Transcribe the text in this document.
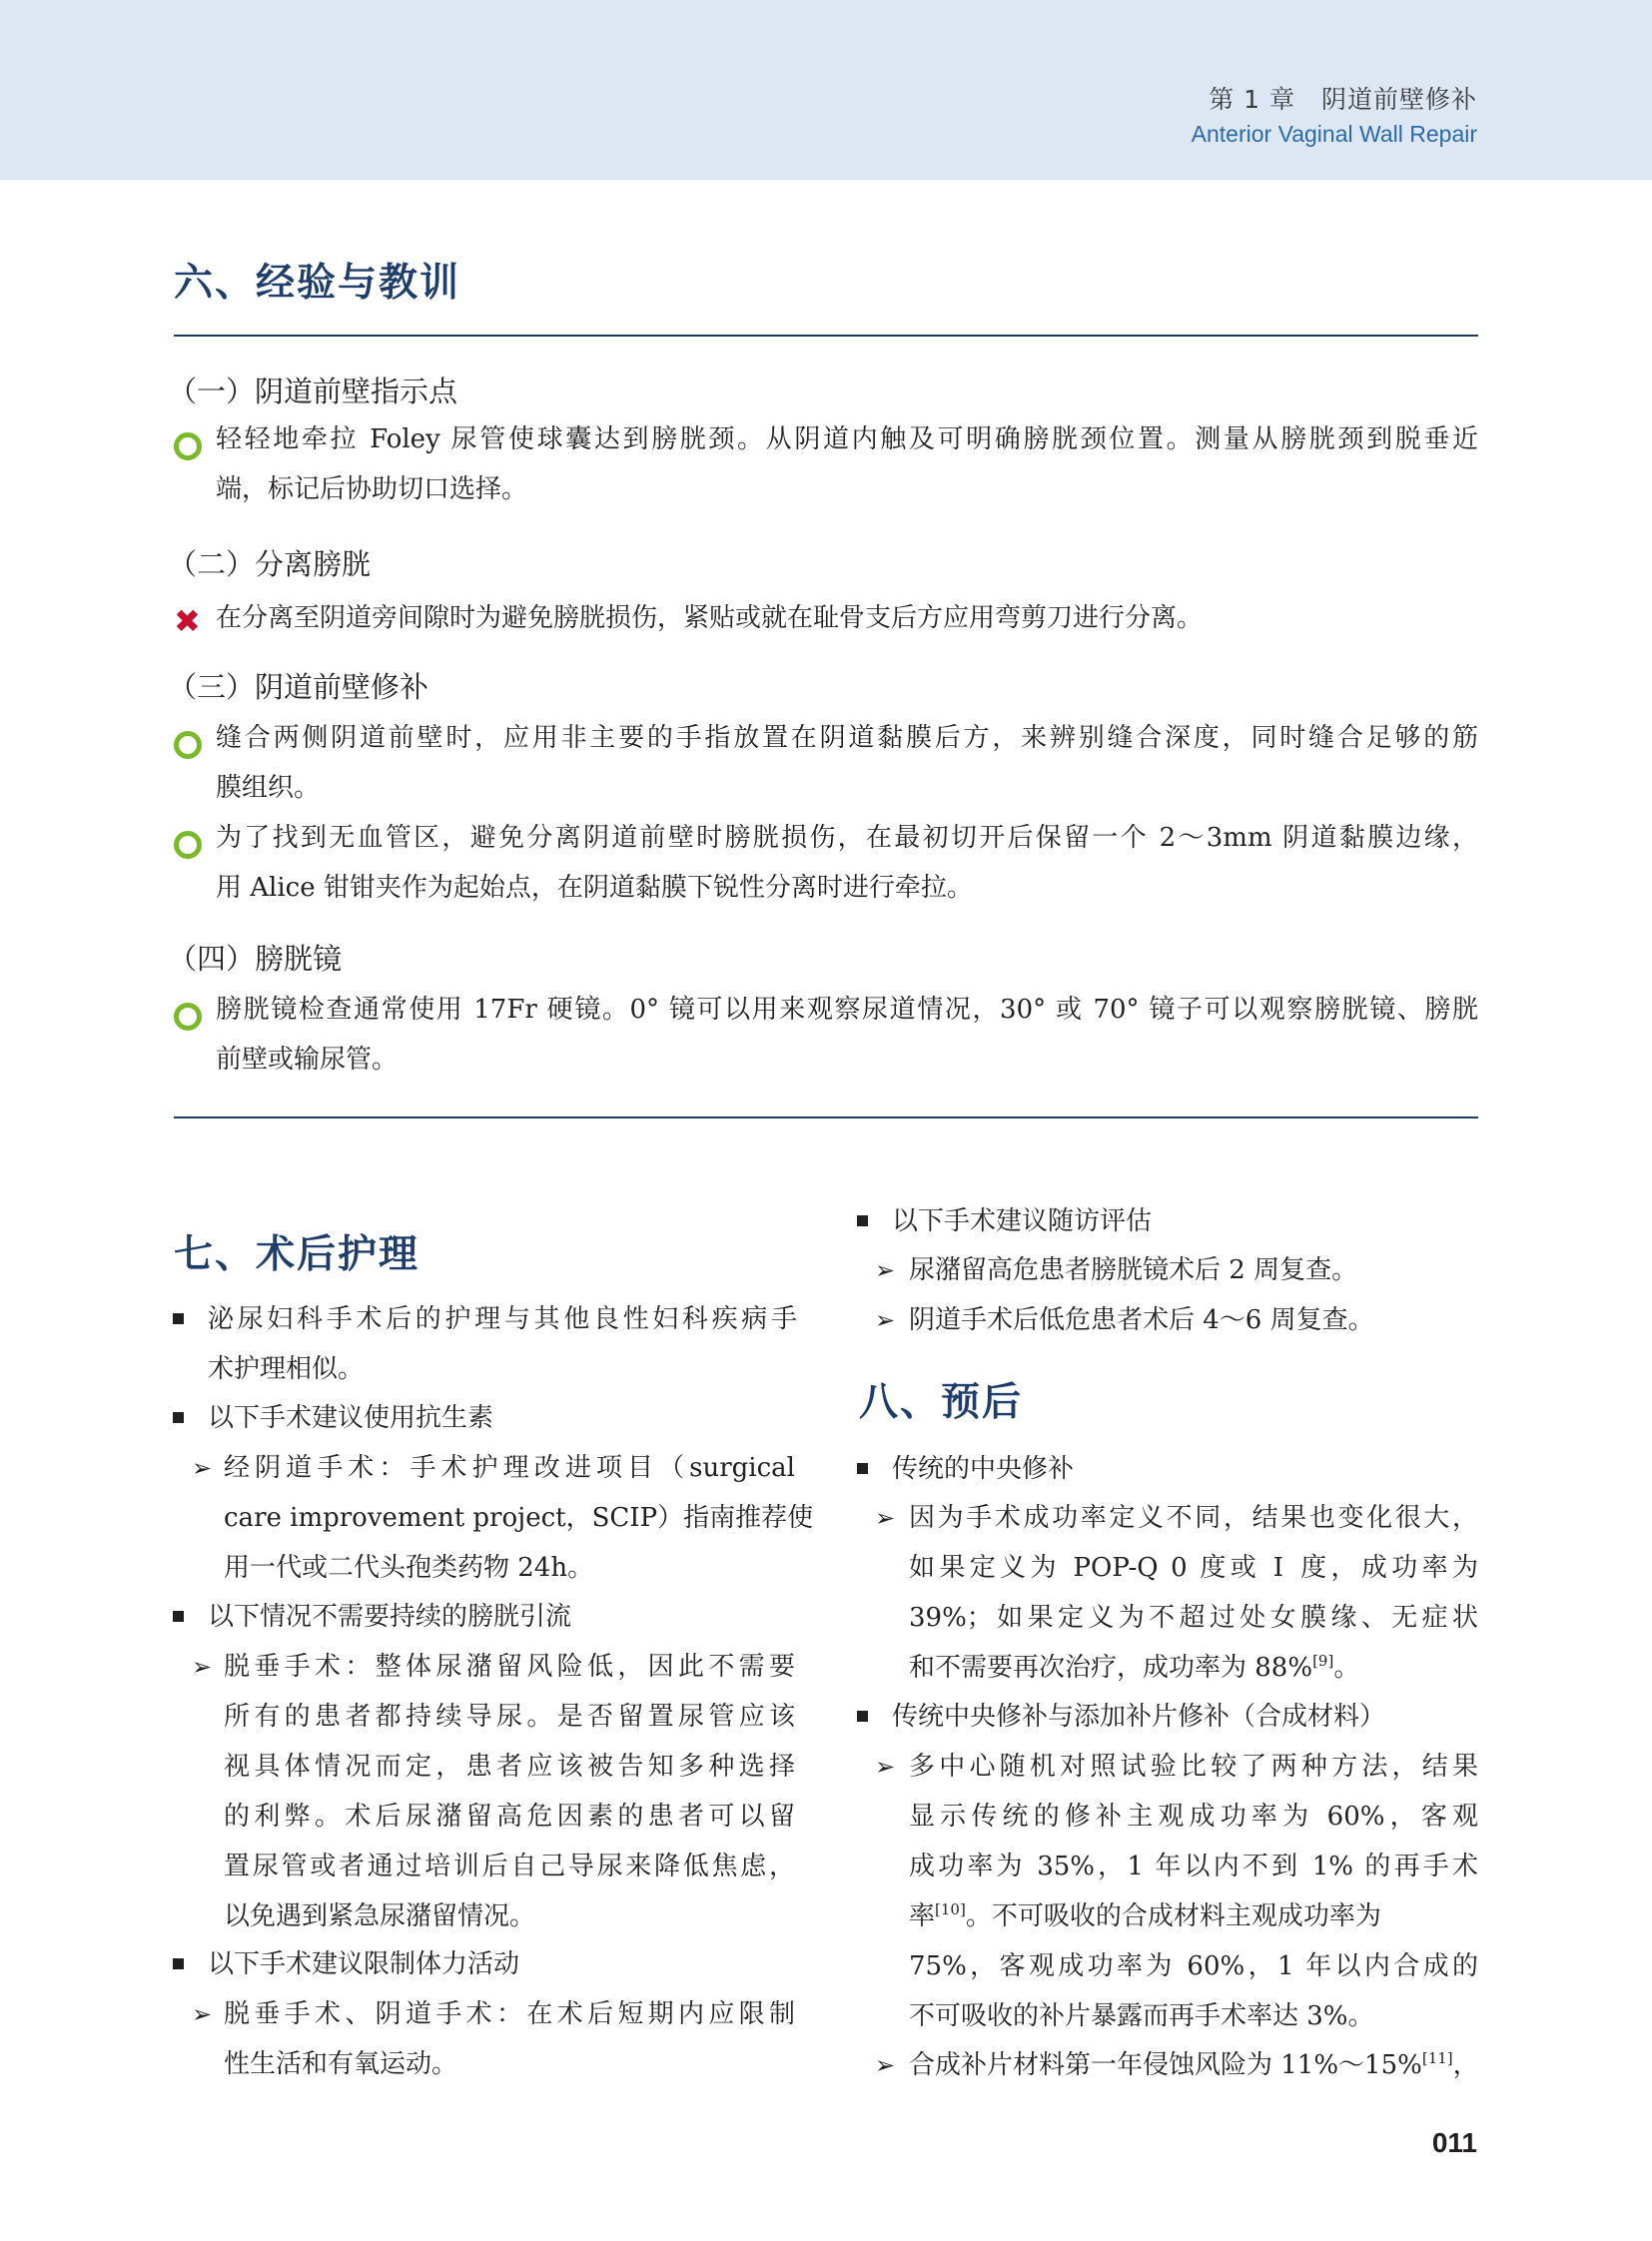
第 1 章　阴道前壁修补
Anterior Vaginal Wall Repair
六、经验与教训
（一）阴道前壁指示点
轻轻地牵拉 Foley 尿管使球囊达到膀胱颈。从阴道内触及可明确膀胱颈位置。测量从膀胱颈到脱垂近
端，标记后协助切口选择。
（二）分离膀胱
✖ 在分离至阴道旁间隙时为避免膀胱损伤，紧贴或就在耻骨支后方应用弯剪刀进行分离。
（三）阴道前壁修补
缝合两侧阴道前壁时，应用非主要的手指放置在阴道黏膜后方，来辨别缝合深度，同时缝合足够的筋
膜组织。
为了找到无血管区，避免分离阴道前壁时膀胱损伤，在最初切开后保留一个 2～3mm 阴道黏膜边缘，
用 Alice 钳钳夹作为起始点，在阴道黏膜下锐性分离时进行牵拉。
（四）膀胱镜
膀胱镜检查通常使用 17Fr 硬镜。0° 镜可以用来观察尿道情况，30° 或 70° 镜子可以观察膀胱镜、膀胱
前壁或输尿管。
七、术后护理
泌尿妇科手术后的护理与其他良性妇科疾病手
术护理相似。
以下手术建议使用抗生素
➢ 经阴道手术：手术护理改进项目（surgical
care improvement project，SCIP）指南推荐使
用一代或二代头孢类药物 24h。
以下情况不需要持续的膀胱引流
➢ 脱垂手术：整体尿潴留风险低，因此不需要
所有的患者都持续导尿。是否留置尿管应该
视具体情况而定，患者应该被告知多种选择
的利弊。术后尿潴留高危因素的患者可以留
置尿管或者通过培训后自己导尿来降低焦虑，
以免遇到紧急尿潴留情况。
以下手术建议限制体力活动
➢ 脱垂手术、阴道手术：在术后短期内应限制
性生活和有氧运动。
以下手术建议随访评估
➢ 尿潴留高危患者膀胱镜术后 2 周复查。
➢ 阴道手术后低危患者术后 4～6 周复查。
八、预后
传统的中央修补
➢ 因为手术成功率定义不同，结果也变化很大，
如果定义为 POP-Q 0 度或 Ⅰ 度，成功率为
39%；如果定义为不超过处女膜缘、无症状
和不需要再次治疗，成功率为 88%[9]。
传统中央修补与添加补片修补（合成材料）
➢ 多中心随机对照试验比较了两种方法，结果
显示传统的修补主观成功率为 60%，客观
成功率为 35%，1 年以内不到 1% 的再手术
率[10]。不可吸收的合成材料主观成功率为
75%，客观成功率为 60%，1 年以内合成的
不可吸收的补片暴露而再手术率达 3%。
➢ 合成补片材料第一年侵蚀风险为 11%～15%[11]，
011
